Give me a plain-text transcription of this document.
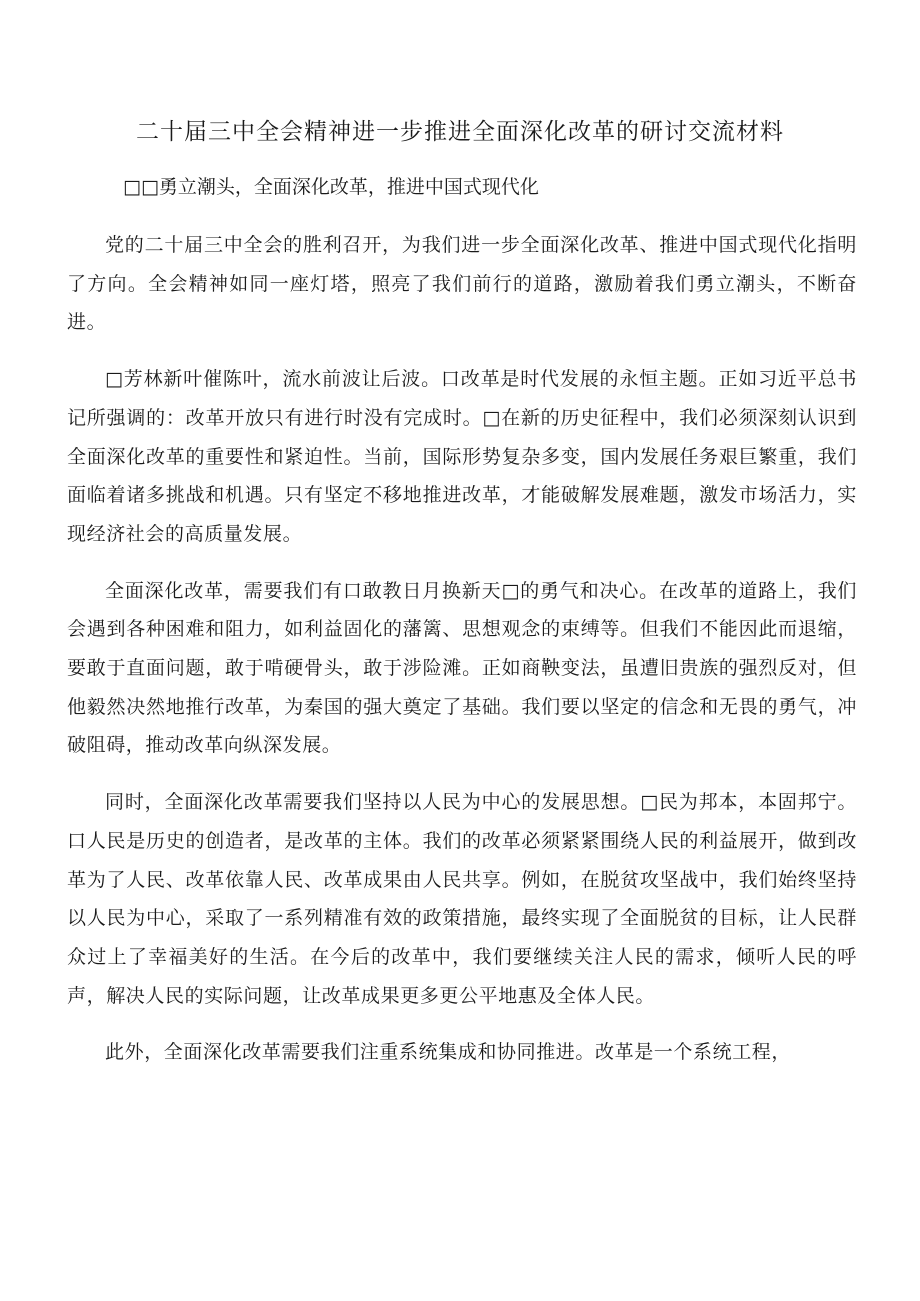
二十届三中全会精神进一步推进全面深化改革的研讨交流材料

□□勇立潮头，全面深化改革，推进中国式现代化

党的二十届三中全会的胜利召开，为我们进一步全面深化改革、推进中国式现代化指明了方向。全会精神如同一座灯塔，照亮了我们前行的道路，激励着我们勇立潮头，不断奋进。

□芳林新叶催陈叶，流水前波让后波。口改革是时代发展的永恒主题。正如习近平总书记所强调的：改革开放只有进行时没有完成时。□在新的历史征程中，我们必须深刻认识到全面深化改革的重要性和紧迫性。当前，国际形势复杂多变，国内发展任务艰巨繁重，我们面临着诸多挑战和机遇。只有坚定不移地推进改革，才能破解发展难题，激发市场活力，实现经济社会的高质量发展。

全面深化改革，需要我们有口敢教日月换新天□的勇气和决心。在改革的道路上，我们会遇到各种困难和阻力，如利益固化的藩篱、思想观念的束缚等。但我们不能因此而退缩，要敢于直面问题，敢于啃硬骨头，敢于涉险滩。正如商鞅变法，虽遭旧贵族的强烈反对，但他毅然决然地推行改革，为秦国的强大奠定了基础。我们要以坚定的信念和无畏的勇气，冲破阻碍，推动改革向纵深发展。

同时，全面深化改革需要我们坚持以人民为中心的发展思想。□民为邦本，本固邦宁。口人民是历史的创造者，是改革的主体。我们的改革必须紧紧围绕人民的利益展开，做到改革为了人民、改革依靠人民、改革成果由人民共享。例如，在脱贫攻坚战中，我们始终坚持以人民为中心，采取了一系列精准有效的政策措施，最终实现了全面脱贫的目标，让人民群众过上了幸福美好的生活。在今后的改革中，我们要继续关注人民的需求，倾听人民的呼声，解决人民的实际问题，让改革成果更多更公平地惠及全体人民。

此外，全面深化改革需要我们注重系统集成和协同推进。改革是一个系统工程，
